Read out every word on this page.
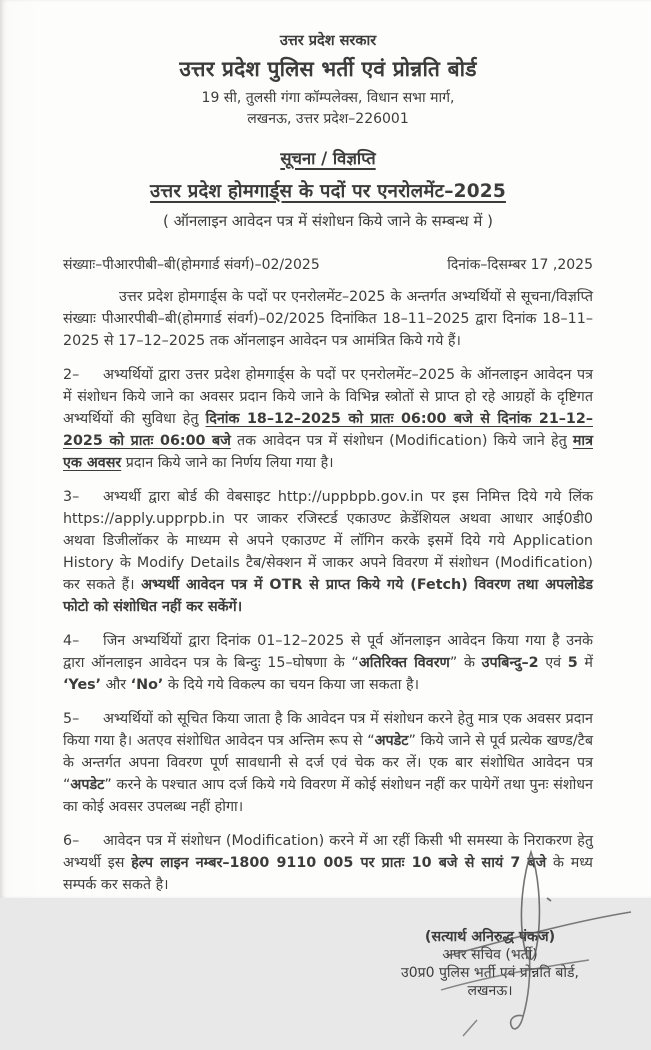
उत्तर प्रदेश सरकार
उत्तर प्रदेश पुलिस भर्ती एवं प्रोन्नति बोर्ड
19 सी, तुलसी गंगा कॉम्पलेक्स, विधान सभा मार्ग,
लखनऊ, उत्तर प्रदेश–226001
सूचना / विज्ञप्ति
उत्तर प्रदेश होमगार्ड्स के पदों पर एनरोलमेंट–2025
( ऑनलाइन आवेदन पत्र में संशोधन किये जाने के सम्बन्ध में )
संख्याः–पीआरपीबी–बी(होमगार्ड संवर्ग)–02/2025	दिनांक–दिसम्बर 17 ,2025

उत्तर प्रदेश होमगार्ड्स के पदों पर एनरोलमेंट–2025 के अन्तर्गत अभ्यर्थियों से सूचना/विज्ञप्ति संख्याः पीआरपीबी–बी(होमगार्ड संवर्ग)–02/2025 दिनांकित 18–11–2025 द्वारा दिनांक 18–11–2025 से 17–12–2025 तक ऑनलाइन आवेदन पत्र आमंत्रित किये गये हैं।

2– अभ्यर्थियों द्वारा उत्तर प्रदेश होमगार्ड्स के पदों पर एनरोलमेंट–2025 के ऑनलाइन आवेदन पत्र में संशोधन किये जाने का अवसर प्रदान किये जाने के विभिन्न स्त्रोतों से प्राप्त हो रहे आग्रहों के दृष्टिगत अभ्यर्थियों की सुविधा हेतु दिनांक 18–12–2025 को प्रातः 06:00 बजे से दिनांक 21–12–2025 को प्रातः 06:00 बजे तक आवेदन पत्र में संशोधन (Modification) किये जाने हेतु मात्र एक अवसर प्रदान किये जाने का निर्णय लिया गया है।

3– अभ्यर्थी द्वारा बोर्ड की वेबसाइट http://uppbpb.gov.in पर इस निमित्त दिये गये लिंक https://apply.upprpb.in पर जाकर रजिस्टर्ड एकाउण्ट क्रेडेंशियल अथवा आधार आई0डी0 अथवा डिजीलॉकर के माध्यम से अपने एकाउण्ट में लॉगिन करके इसमें दिये गये Application History के Modify Details टैब/सेक्शन में जाकर अपने विवरण में संशोधन (Modification) कर सकते हैं। अभ्यर्थी आवेदन पत्र में OTR से प्राप्त किये गये (Fetch) विवरण तथा अपलोडेड फोटो को संशोधित नहीं कर सकेंगें।

4– जिन अभ्यर्थियों द्वारा दिनांक 01–12–2025 से पूर्व ऑनलाइन आवेदन किया गया है उनके द्वारा ऑनलाइन आवेदन पत्र के बिन्दुः 15–घोषणा के “अतिरिक्त विवरण” के उपबिन्दु–2 एवं 5 में ‘Yes’ और ‘No’ के दिये गये विकल्प का चयन किया जा सकता है।

5– अभ्यर्थियों को सूचित किया जाता है कि आवेदन पत्र में संशोधन करने हेतु मात्र एक अवसर प्रदान किया गया है। अतएव संशोधित आवेदन पत्र अन्तिम रूप से “अपडेट” किये जाने से पूर्व प्रत्येक खण्ड/टैब के अन्तर्गत अपना विवरण पूर्ण सावधानी से दर्ज एवं चेक कर लें। एक बार संशोधित आवेदन पत्र “अपडेट” करने के पश्चात आप दर्ज किये गये विवरण में कोई संशोधन नहीं कर पायेगें तथा पुनः संशोधन का कोई अवसर उपलब्ध नहीं होगा।

6– आवेदन पत्र में संशोधन (Modification) करने में आ रहीं किसी भी समस्या के निराकरण हेतु अभ्यर्थी इस हेल्प लाइन नम्बर–1800 9110 005 पर प्रातः 10 बजे से सायं 7 बजे के मध्य सम्पर्क कर सकते है।

(सत्यार्थ अनिरुद्ध पंकज)
अपर सचिव (भर्ती)
उ0प्र0 पुलिस भर्ती एवं प्रोन्नति बोर्ड,
लखनऊ।
